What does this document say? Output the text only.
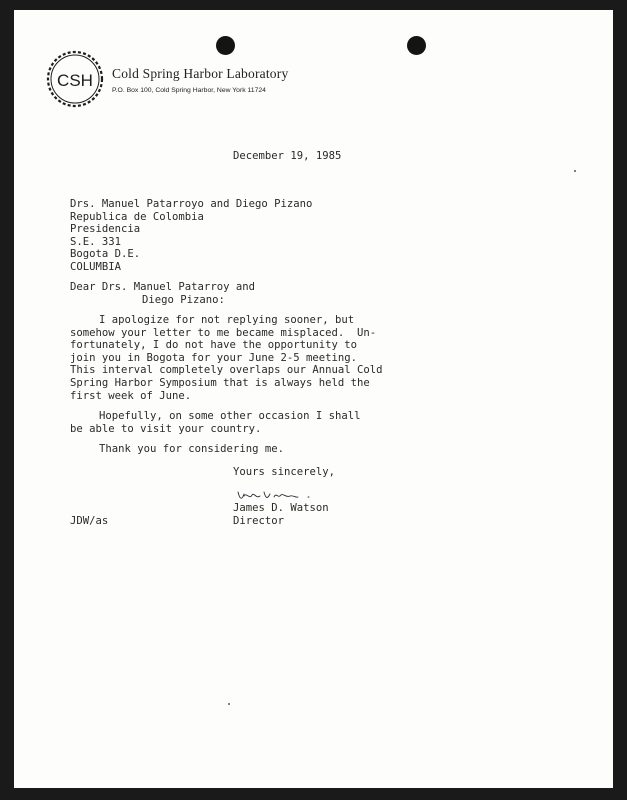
CSH Cold Spring Harbor Laboratory
P.O. Box 100, Cold Spring Harbor, New York 11724
December 19, 1985
Drs. Manuel Patarroyo and Diego Pizano
Republica de Colombia
Presidencia
S.E. 331
Bogota D.E.
COLUMBIA
Dear Drs. Manuel Patarroy and
Diego Pizano:
I apologize for not replying sooner, but
somehow your letter to me became misplaced.  Un-
fortunately, I do not have the opportunity to
join you in Bogota for your June 2-5 meeting.
This interval completely overlaps our Annual Cold
Spring Harbor Symposium that is always held the
first week of June.
Hopefully, on some other occasion I shall
be able to visit your country.
Thank you for considering me.
Yours sincerely,
James D. Watson
JDW/as	Director
